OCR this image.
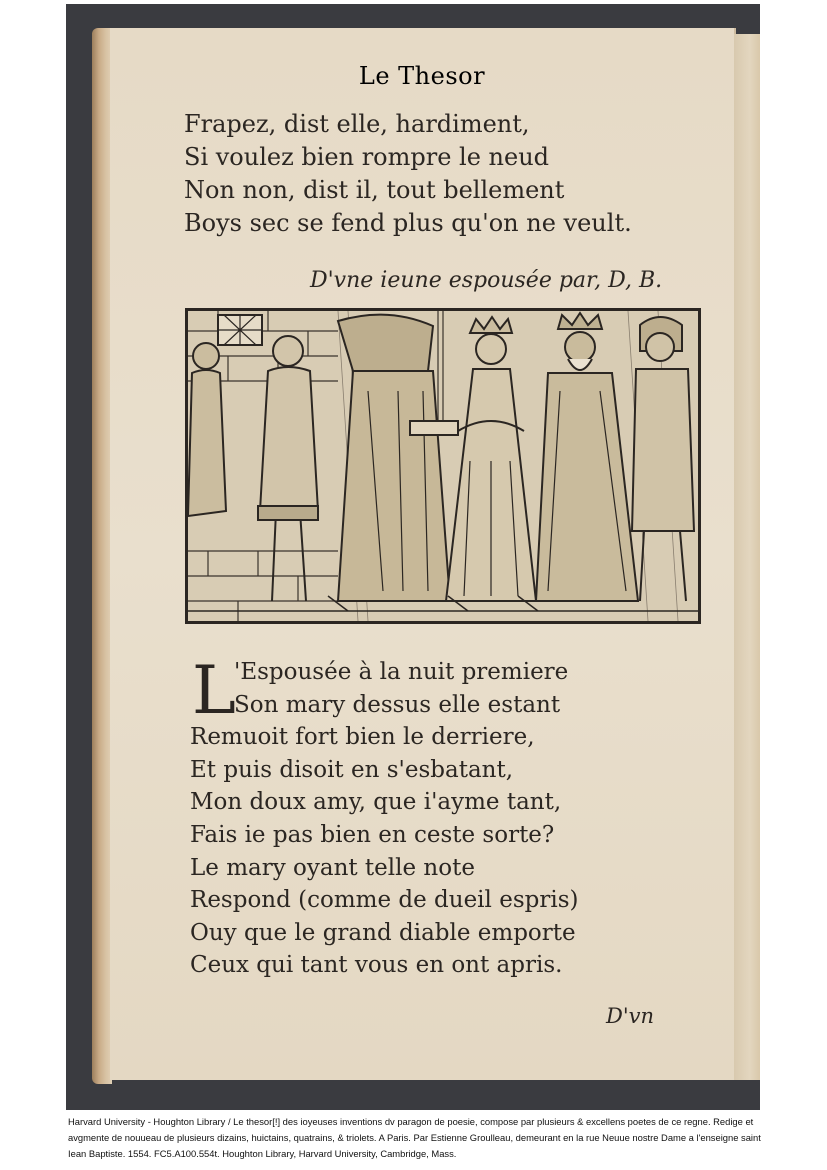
Le Thesor
Frapez, dist elle, hardiment,
Si voulez bien rompre le neud
Non non, dist il, tout bellement
Boys sec se fend plus qu'on ne veult.
D'vne ieune espousée par, D, B.
L
'Espousée à la nuit premiere
Son mary dessus elle estant
Remuoit fort bien le derriere,
Et puis disoit en s'esbatant,
Mon doux amy, que i'ayme tant,
Fais ie pas bien en ceste sorte?
Le mary oyant telle note
Respond (comme de dueil espris)
Ouy que le grand diable emporte
Ceux qui tant vous en ont apris.
D'vn
Harvard University - Houghton Library / Le thesor[!] des ioyeuses inventions dv paragon de poesie, compose par plusieurs & excellens poetes de ce regne. Redige et avgmente de nouueau de plusieurs dizains, huictains, quatrains, & triolets. A Paris. Par Estienne Groulleau, demeurant en la rue Neuue nostre Dame a l'enseigne saint Iean Baptiste. 1554. FC5.A100.554t. Houghton Library, Harvard University, Cambridge, Mass.
